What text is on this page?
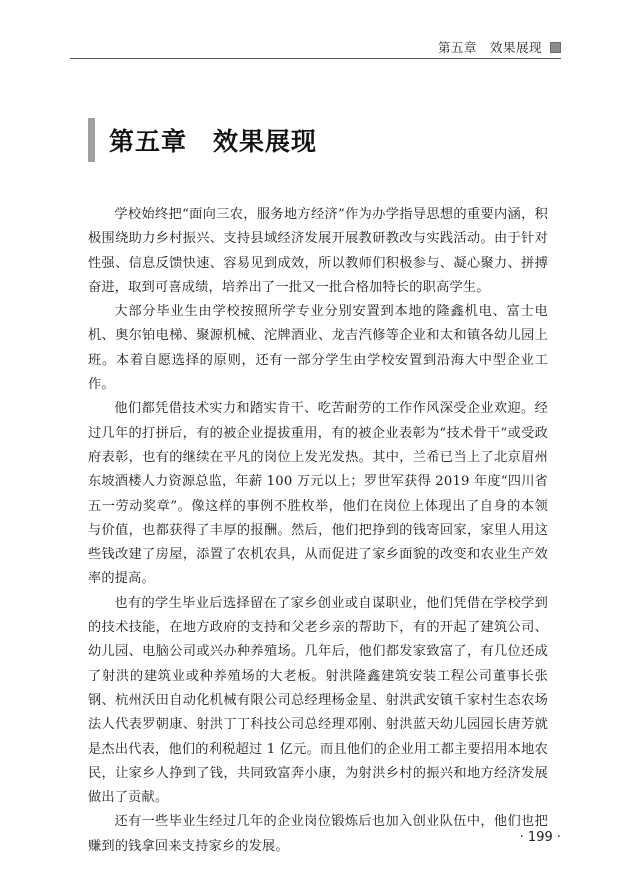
第五章　效果展现
第五章　效果展现

学校始终把“面向三农，服务地方经济”作为办学指导思想的重要内涵，积极围绕助力乡村振兴、支持县域经济发展开展教研教改与实践活动。由于针对性强、信息反馈快速、容易见到成效，所以教师们积极参与、凝心聚力、拼搏奋进，取到可喜成绩，培养出了一批又一批合格加特长的职高学生。

大部分毕业生由学校按照所学专业分别安置到本地的隆鑫机电、富士电机、奥尔铂电梯、聚源机械、沱牌酒业、龙吉汽修等企业和太和镇各幼儿园上班。本着自愿选择的原则，还有一部分学生由学校安置到沿海大中型企业工作。

他们都凭借技术实力和踏实肯干、吃苦耐劳的工作作风深受企业欢迎。经过几年的打拼后，有的被企业提拔重用，有的被企业表彰为“技术骨干”或受政府表彰，也有的继续在平凡的岗位上发光发热。其中，兰希已当上了北京眉州东坡酒楼人力资源总监，年薪 100 万元以上；罗世军获得 2019 年度“四川省五一劳动奖章”。像这样的事例不胜枚举，他们在岗位上体现出了自身的本领与价值，也都获得了丰厚的报酬。然后，他们把挣到的钱寄回家，家里人用这些钱改建了房屋，添置了农机农具，从而促进了家乡面貌的改变和农业生产效率的提高。

也有的学生毕业后选择留在了家乡创业或自谋职业，他们凭借在学校学到的技术技能，在地方政府的支持和父老乡亲的帮助下，有的开起了建筑公司、幼儿园、电脑公司或兴办种养殖场。几年后，他们都发家致富了，有几位还成了射洪的建筑业或种养殖场的大老板。射洪隆鑫建筑安装工程公司董事长张钢、杭州沃田自动化机械有限公司总经理杨金星、射洪武安镇千家村生态农场法人代表罗朝康、射洪丁丁科技公司总经理邓刚、射洪蓝天幼儿园园长唐芳就是杰出代表，他们的利税超过 1 亿元。而且他们的企业用工都主要招用本地农民，让家乡人挣到了钱，共同致富奔小康，为射洪乡村的振兴和地方经济发展做出了贡献。

还有一些毕业生经过几年的企业岗位锻炼后也加入创业队伍中，他们也把赚到的钱拿回来支持家乡的发展。

· 199 ·
